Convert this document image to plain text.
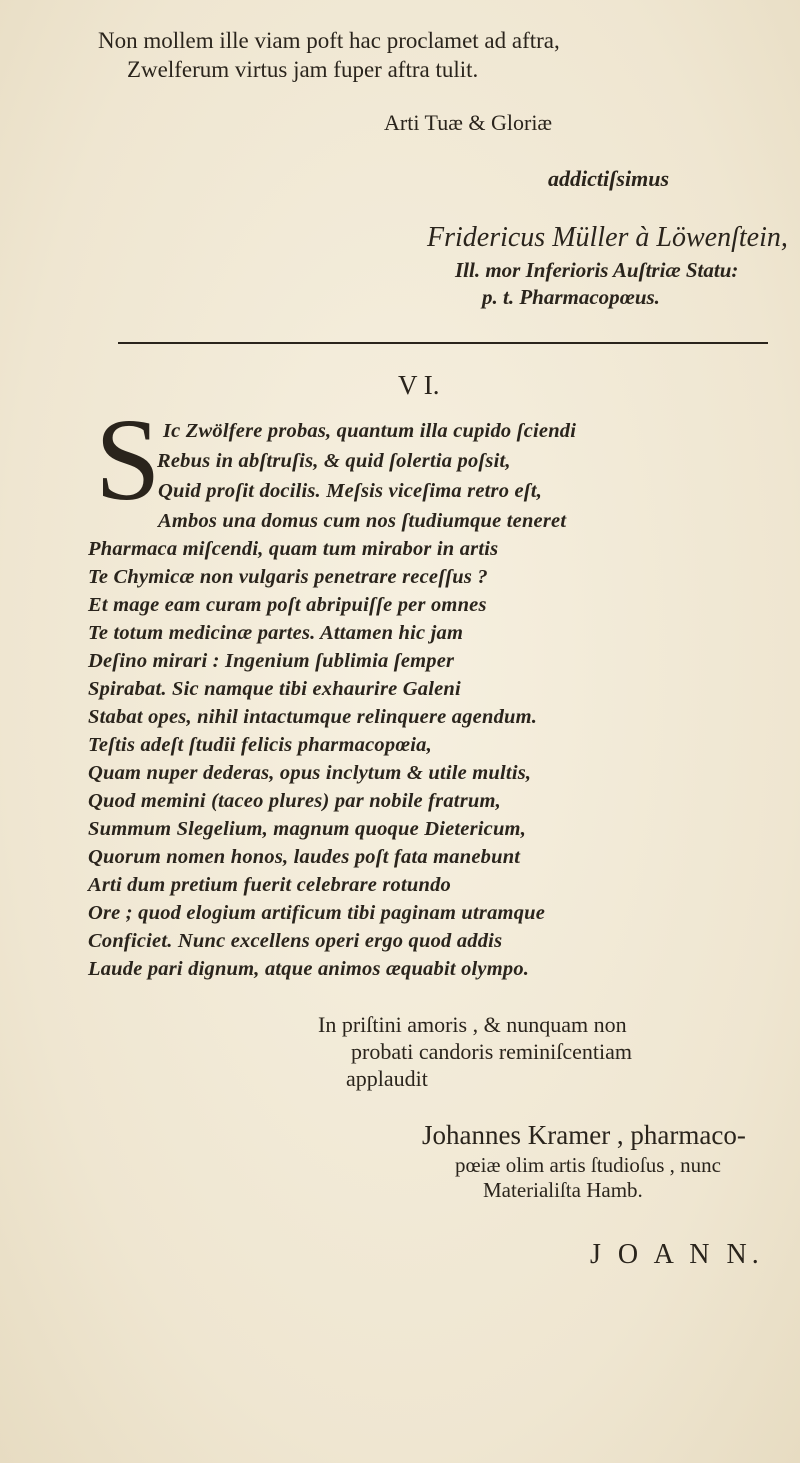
Non mollem ille viam poft hac proclamet ad aftra,
Zwelferum virtus jam fuper aftra tulit.
Arti Tuæ & Gloriæ
addictiſsimus
Fridericus Müller à Löwenſtein,
Ill. mor Inferioris Auſtriæ Statu:
p. t. Pharmacopœus.
V I.
S Ic Zwölfere probas, quantum illa cupido ſciendi
Rebus in abſtruſis, & quid ſolertia poſsit,
Quid proſit docilis. Meſsis viceſima retro eſt,
Ambos una domus cum nos ſtudiumque teneret
Pharmaca miſcendi, quam tum mirabor in artis
Te Chymicæ non vulgaris penetrare receſſus ?
Et mage eam curam poſt abripuiſſe per omnes
Te totum medicinæ partes. Attamen hic jam
Deſino mirari : Ingenium ſublimia ſemper
Spirabat. Sic namque tibi exhaurire Galeni
Stabat opes, nihil intactumque relinquere agendum.
Teſtis adeſt ſtudii felicis pharmacopœia,
Quam nuper dederas, opus inclytum & utile multis,
Quod memini (taceo plures) par nobile fratrum,
Summum Slegelium, magnum quoque Dietericum,
Quorum nomen honos, laudes poſt fata manebunt
Arti dum pretium fuerit celebrare rotundo
Ore ; quod elogium artificum tibi paginam utramque
Conficiet. Nunc excellens operi ergo quod addis
Laude pari dignum, atque animos æquabit olympo.
In priſtini amoris , & nunquam non
probati candoris reminiſcentiam
applaudit
Johannes Kramer , pharmaco-
pœiæ olim artis ſtudioſus , nunc
Materialiſta Hamb.
J O A N N.
